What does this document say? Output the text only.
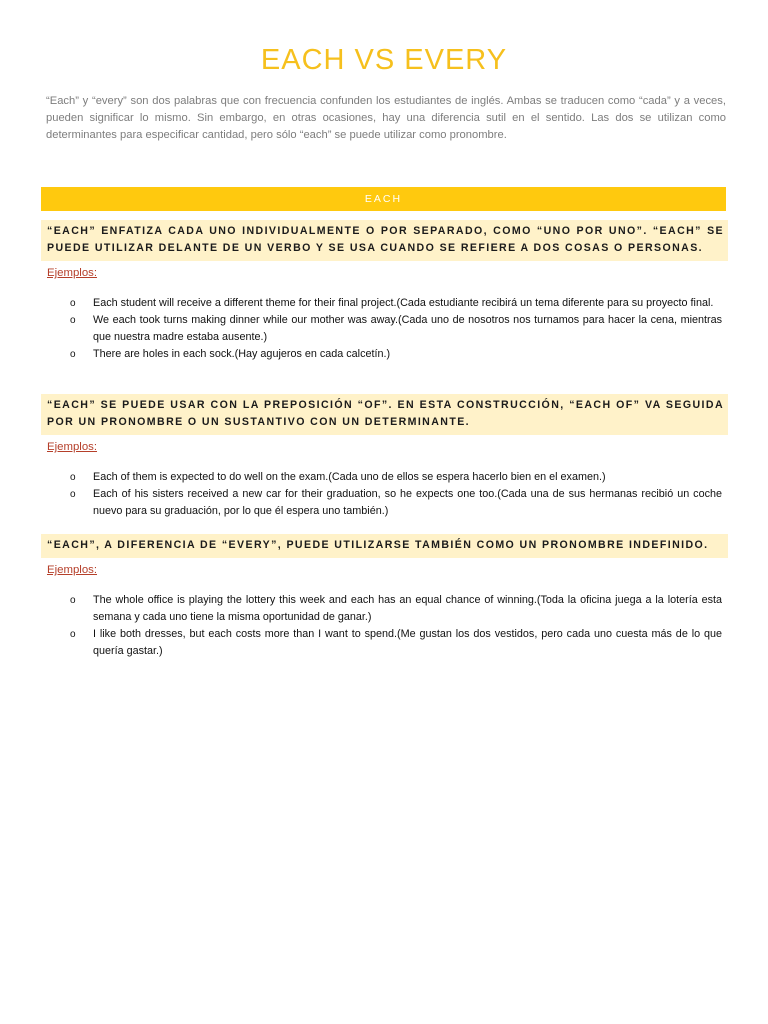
EACH VS EVERY
“Each” y “every” son dos palabras que con frecuencia confunden los estudiantes de inglés. Ambas se traducen como “cada” y a veces, pueden significar lo mismo. Sin embargo, en otras ocasiones, hay una diferencia sutil en el sentido. Las dos se utilizan como determinantes para especificar cantidad, pero sólo “each” se puede utilizar como pronombre.
EACH
“EACH” ENFATIZA CADA UNO INDIVIDUALMENTE O POR SEPARADO, COMO “UNO POR UNO”. “EACH” SE PUEDE UTILIZAR DELANTE DE UN VERBO Y SE USA CUANDO SE REFIERE A DOS COSAS O PERSONAS.
Ejemplos:
o Each student will receive a different theme for their final project.(Cada estudiante recibirá un tema diferente para su proyecto final.
o We each took turns making dinner while our mother was away.(Cada uno de nosotros nos turnamos para hacer la cena, mientras que nuestra madre estaba ausente.)
o There are holes in each sock.(Hay agujeros en cada calcetín.)
“EACH” SE PUEDE USAR CON LA PREPOSICIÓN “OF”. EN ESTA CONSTRUCCIÓN, “EACH OF” VA SEGUIDA POR UN PRONOMBRE O UN SUSTANTIVO CON UN DETERMINANTE.
Ejemplos:
o Each of them is expected to do well on the exam.(Cada uno de ellos se espera hacerlo bien en el examen.)
o Each of his sisters received a new car for their graduation, so he expects one too.(Cada una de sus hermanas recibió un coche nuevo para su graduación, por lo que él espera uno también.)
“EACH”, A DIFERENCIA DE “EVERY”, PUEDE UTILIZARSE TAMBIÉN COMO UN PRONOMBRE INDEFINIDO.
Ejemplos:
o The whole office is playing the lottery this week and each has an equal chance of winning.(Toda la oficina juega a la lotería esta semana y cada uno tiene la misma oportunidad de ganar.)
o I like both dresses, but each costs more than I want to spend.(Me gustan los dos vestidos, pero cada uno cuesta más de lo que quería gastar.)
